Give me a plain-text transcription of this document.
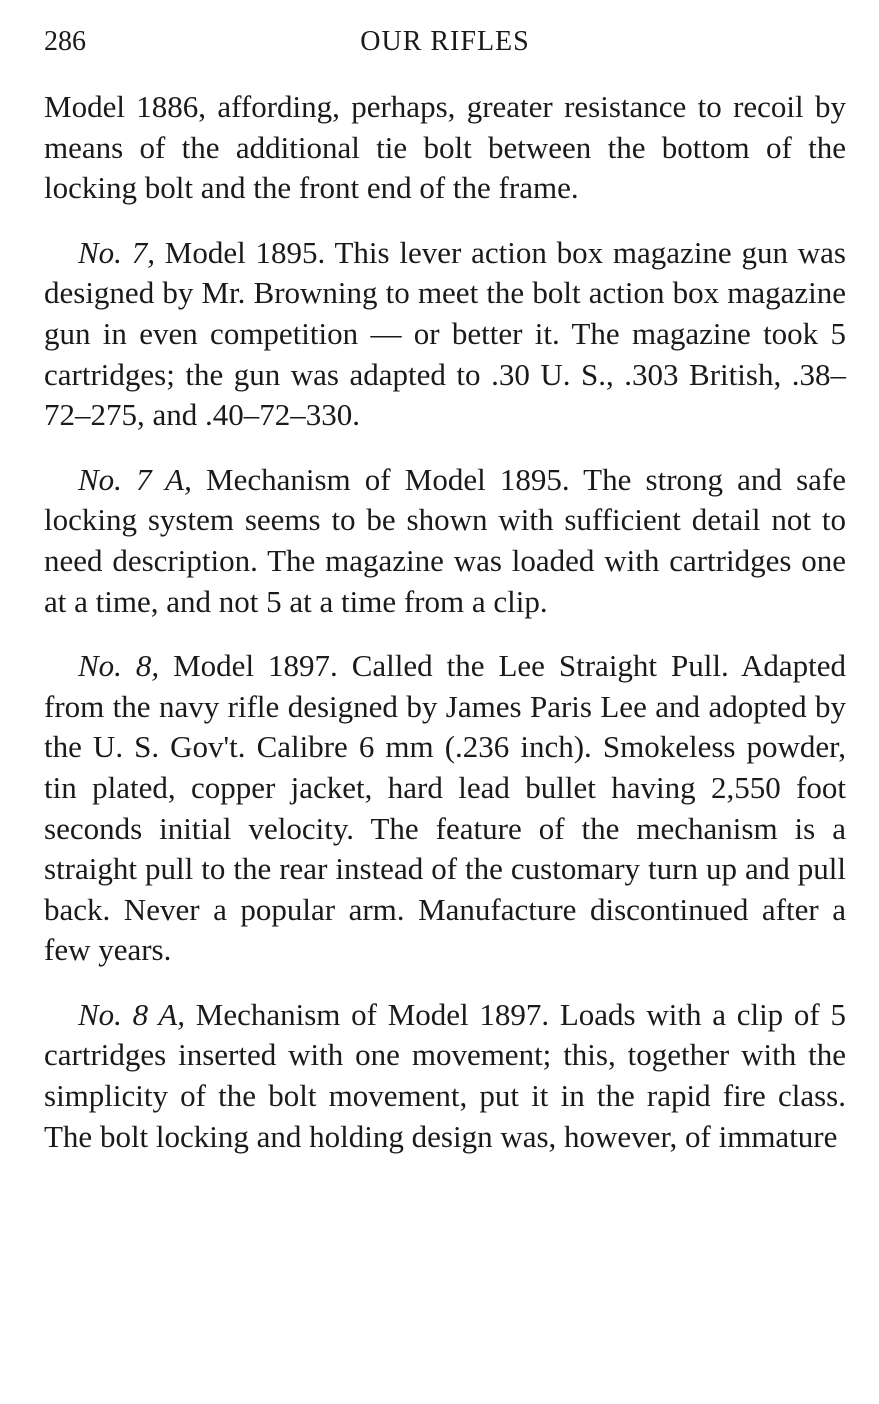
286	OUR RIFLES

Model 1886, affording, perhaps, greater resistance to recoil by means of the additional tie bolt between the bottom of the locking bolt and the front end of the frame.

No. 7, Model 1895. This lever action box magazine gun was designed by Mr. Browning to meet the bolt action box magazine gun in even competition — or better it. The magazine took 5 cartridges; the gun was adapted to .30 U. S., .303 British, .38–72–275, and .40–72–330.

No. 7 A, Mechanism of Model 1895. The strong and safe locking system seems to be shown with sufficient detail not to need description. The magazine was loaded with cartridges one at a time, and not 5 at a time from a clip.

No. 8, Model 1897. Called the Lee Straight Pull. Adapted from the navy rifle designed by James Paris Lee and adopted by the U. S. Gov't. Calibre 6 mm (.236 inch). Smokeless powder, tin plated, copper jacket, hard lead bullet having 2,550 foot seconds initial velocity. The feature of the mechanism is a straight pull to the rear instead of the customary turn up and pull back. Never a popular arm. Manufacture discontinued after a few years.

No. 8 A, Mechanism of Model 1897. Loads with a clip of 5 cartridges inserted with one movement; this, together with the simplicity of the bolt movement, put it in the rapid fire class. The bolt locking and holding design was, however, of immature
